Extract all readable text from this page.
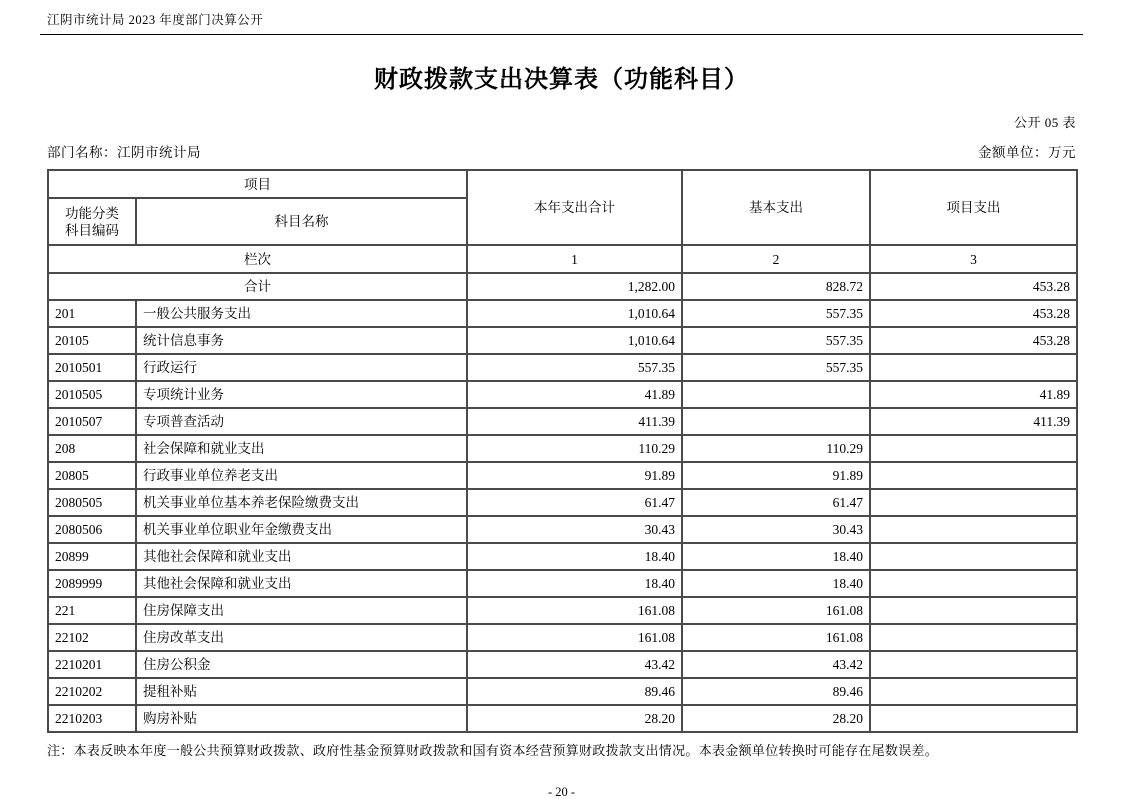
江阴市统计局 2023 年度部门决算公开
财政拨款支出决算表（功能科目）
公开 05 表
部门名称：江阴市统计局	金额单位：万元
项目		本年支出合计	基本支出	项目支出
功能分类
科目编码	科目名称			
栏次		1	2	3
合计		1,282.00	828.72	453.28
201	一般公共服务支出	1,010.64	557.35	453.28
20105	统计信息事务	1,010.64	557.35	453.28
2010501	行政运行	557.35	557.35	
2010505	专项统计业务	41.89		41.89
2010507	专项普查活动	411.39		411.39
208	社会保障和就业支出	110.29	110.29	
20805	行政事业单位养老支出	91.89	91.89	
2080505	机关事业单位基本养老保险缴费支出	61.47	61.47	
2080506	机关事业单位职业年金缴费支出	30.43	30.43	
20899	其他社会保障和就业支出	18.40	18.40	
2089999	其他社会保障和就业支出	18.40	18.40	
221	住房保障支出	161.08	161.08	
22102	住房改革支出	161.08	161.08	
2210201	住房公积金	43.42	43.42	
2210202	提租补贴	89.46	89.46	
2210203	购房补贴	28.20	28.20	
注：本表反映本年度一般公共预算财政拨款、政府性基金预算财政拨款和国有资本经营预算财政拨款支出情况。本表金额单位转换时可能存在尾数误差。
- 20 -
